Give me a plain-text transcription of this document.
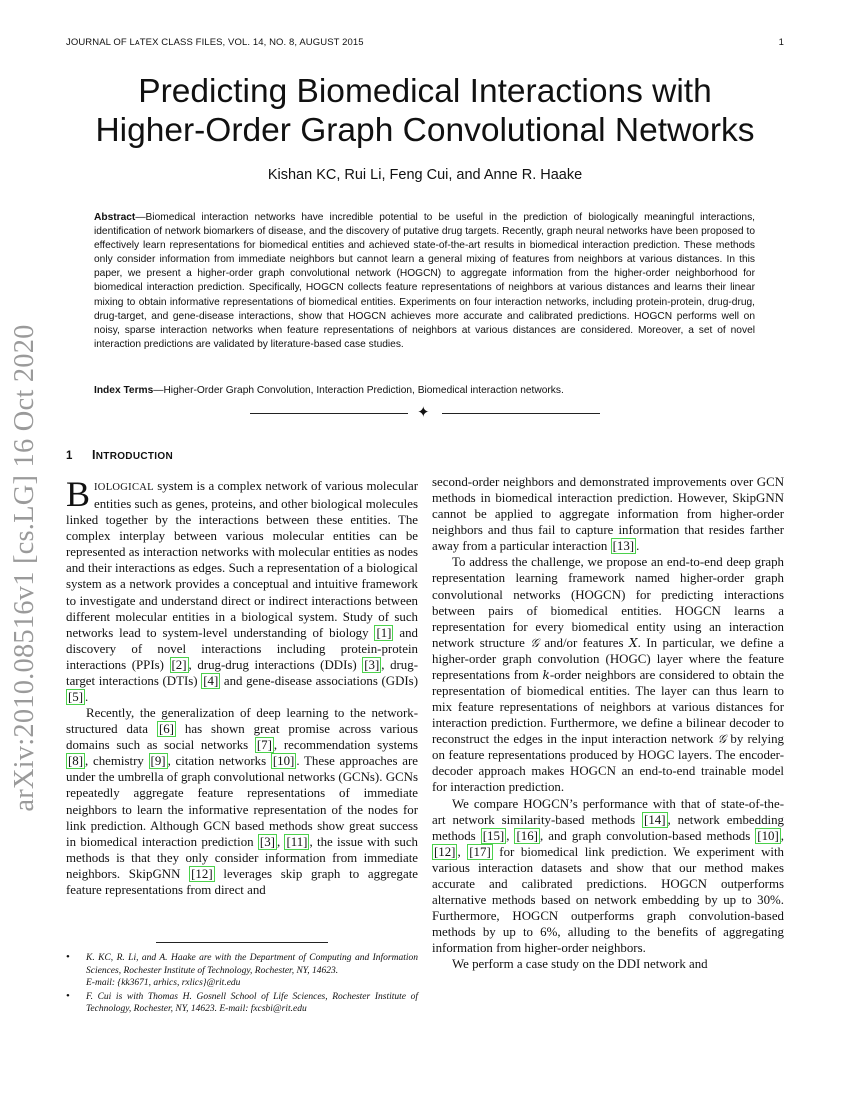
JOURNAL OF LᴀTEX CLASS FILES, VOL. 14, NO. 8, AUGUST 2015	1
arXiv:2010.08516v1 [cs.LG] 16 Oct 2020
Predicting Biomedical Interactions with
Higher-Order Graph Convolutional Networks
Kishan KC, Rui Li, Feng Cui, and Anne R. Haake
Abstract—Biomedical interaction networks have incredible potential to be useful in the prediction of biologically meaningful interactions, identification of network biomarkers of disease, and the discovery of putative drug targets. Recently, graph neural networks have been proposed to effectively learn representations for biomedical entities and achieved state-of-the-art results in biomedical interaction prediction. These methods only consider information from immediate neighbors but cannot learn a general mixing of features from neighbors at various distances. In this paper, we present a higher-order graph convolutional network (HOGCN) to aggregate information from the higher-order neighborhood for biomedical interaction prediction. Specifically, HOGCN collects feature representations of neighbors at various distances and learns their linear mixing to obtain informative representations of biomedical entities. Experiments on four interaction networks, including protein-protein, drug-drug, drug-target, and gene-disease interactions, show that HOGCN achieves more accurate and calibrated predictions. HOGCN performs well on noisy, sparse interaction networks when feature representations of neighbors at various distances are considered. Moreover, a set of novel interaction predictions are validated by literature-based case studies.
Index Terms—Higher-Order Graph Convolution, Interaction Prediction, Biomedical interaction networks.
✦
1 INTRODUCTION

BIOLOGICAL system is a complex network of various molecular entities such as genes, proteins, and other biological molecules linked together by the interactions between these entities. The complex interplay between various molecular entities can be represented as interaction networks with molecular entities as nodes and their interactions as edges. Such a representation of a biological system as a network provides a conceptual and intuitive framework to investigate and understand direct or indirect interactions between different molecular entities in a biological system. Study of such networks lead to system-level understanding of biology [1] and discovery of novel interactions including protein-protein interactions (PPIs) [2] , drug-drug interactions (DDIs) [3] , drug-target interactions (DTIs) [4] and gene-disease associations (GDIs) [5] .

Recently, the generalization of deep learning to the network-structured data [6] has shown great promise across various domains such as social networks [7] , recommendation systems [8] , chemistry [9] , citation networks [10] . These approaches are under the umbrella of graph convolutional networks (GCNs). GCNs repeatedly aggregate feature representations of immediate neighbors to learn the informative representation of the nodes for link prediction. Although GCN based methods show great success in biomedical interaction prediction [3] , [11] , the issue with such methods is that they only consider information from immediate neighbors. SkipGNN [12] leverages skip graph to aggregate feature representations from direct and

• K. KC, R. Li, and A. Haake are with the Department of Computing and Information Sciences, Rochester Institute of Technology, Rochester, NY, 14623.
E-mail: {kk3671, arhics, rxlics}@rit.edu
• F. Cui is with Thomas H. Gosnell School of Life Sciences, Rochester Institute of Technology, Rochester, NY, 14623. E-mail: fxcsbi@rit.edu

second-order neighbors and demonstrated improvements over GCN methods in biomedical interaction prediction. However, SkipGNN cannot be applied to aggregate information from higher-order neighbors and thus fail to capture information that resides farther away from a particular interaction [13] .

To address the challenge, we propose an end-to-end deep graph representation learning framework named higher-order graph convolutional networks (HOGCN) for predicting interactions between pairs of biomedical entities. HOGCN learns a representation for every biomedical entity using an interaction network structure 𝒢 and/or features X. In particular, we define a higher-order graph convolution (HOGC) layer where the feature representations from k-order neighbors are considered to obtain the representation of biomedical entities. The layer can thus learn to mix feature representations of neighbors at various distances for interaction prediction. Furthermore, we define a bilinear decoder to reconstruct the edges in the input interaction network 𝒢 by relying on feature representations produced by HOGC layers. The encoder-decoder approach makes HOGCN an end-to-end trainable model for interaction prediction.

We compare HOGCN’s performance with that of state-of-the-art network similarity-based methods [14] , network embedding methods [15] , [16] , and graph convolution-based methods [10] , [12] , [17] for biomedical link prediction. We experiment with various interaction datasets and show that our method makes accurate and calibrated predictions. HOGCN outperforms alternative methods based on network embedding by up to 30%. Furthermore, HOGCN outperforms graph convolution-based methods by up to 6%, alluding to the benefits of aggregating information from higher-order neighbors.

We perform a case study on the DDI network and
